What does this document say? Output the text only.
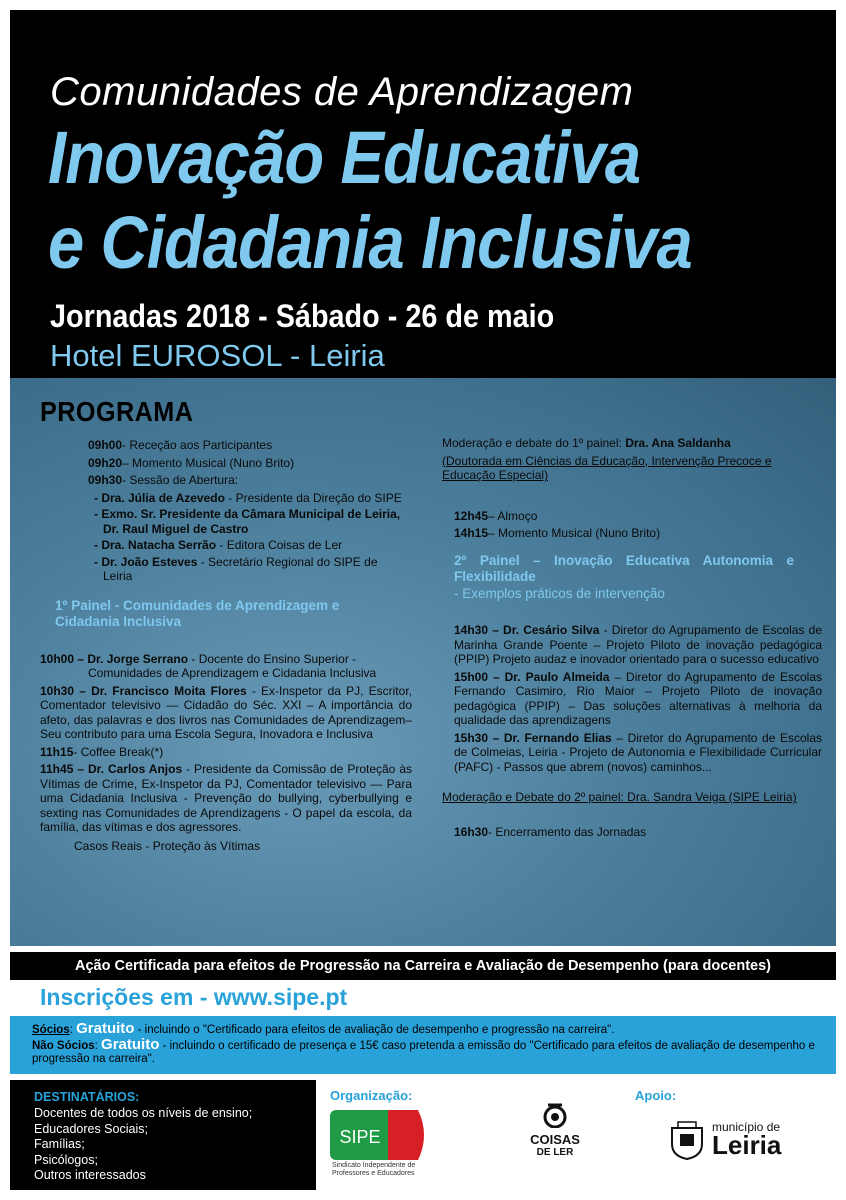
Comunidades de Aprendizagem
Inovação Educativa
e Cidadania Inclusiva
Jornadas 2018 - Sábado - 26 de maio
Hotel EUROSOL - Leiria
PROGRAMA
09h00 - Receção aos Participantes
09h20 – Momento Musical (Nuno Brito)
09h30 - Sessão de Abertura:
- Dra. Júlia de Azevedo - Presidente da Direção do SIPE
- Exmo. Sr. Presidente da Câmara Municipal de Leiria,
Dr. Raul Miguel de Castro
- Dra. Natacha Serrão - Editora Coisas de Ler
- Dr. João Esteves - Secretário Regional do SIPE de
Leiria
1º Painel - Comunidades de Aprendizagem e Cidadania Inclusiva
10h00 – Dr. Jorge Serrano - Docente do Ensino Superior -
Comunidades de Aprendizagem e Cidadania Inclusiva
10h30 – Dr. Francisco Moita Flores - Ex-Inspetor da PJ, Escritor, Comentador televisivo — Cidadão do Séc. XXI – A importância do afeto, das palavras e dos livros nas Comunidades de Aprendizagem– Seu contributo para uma Escola Segura, Inovadora e Inclusiva
11h15 - Coffee Break(*)
11h45 – Dr. Carlos Anjos - Presidente da Comissão de Proteção às Vítimas de Crime, Ex-Inspetor da PJ, Comentador televisivo — Para uma Cidadania Inclusiva - Prevenção do bullying, cyberbullying e sexting nas Comunidades de Aprendizagens - O papel da escola, da família, das vítimas e dos agressores.
Casos Reais - Proteção às Vítimas
Moderação e debate do 1º painel: Dra. Ana Saldanha
(Doutorada em Ciências da Educação, Intervenção Precoce e Educação Especial)
12h45 – Almoço
14h15 – Momento Musical (Nuno Brito)
2º Painel – Inovação Educativa Autonomia e Flexibilidade
- Exemplos práticos de intervenção
14h30 – Dr. Cesário Silva - Diretor do Agrupamento de Escolas de Marinha Grande Poente – Projeto Piloto de inovação pedagógica (PPIP) Projeto audaz e inovador orientado para o sucesso educativo
15h00 – Dr. Paulo Almeida – Diretor do Agrupamento de Escolas Fernando Casimiro, Rio Maior – Projeto Piloto de inovação pedagógica (PPIP) – Das soluções alternativas à melhoria da qualidade das aprendizagens
15h30 – Dr. Fernando Elias – Diretor do Agrupamento de Escolas de Colmeias, Leiria - Projeto de Autonomia e Flexibilidade Curricular (PAFC) - Passos que abrem (novos) caminhos...
Moderação e Debate do 2º painel: Dra. Sandra Veiga (SIPE Leiria)
16h30 - Encerramento das Jornadas
Ação Certificada para efeitos de Progressão na Carreira e Avaliação de Desempenho (para docentes)
Inscrições em - www.sipe.pt
Sócios: Gratuito - incluindo o "Certificado para efeitos de avaliação de desempenho e progressão na carreira".
Não Sócios: Gratuito - incluindo o certificado de presença e 15€ caso pretenda a emissão do "Certificado para efeitos de avaliação de desempenho e progressão na carreira".
DESTINATÁRIOS:
Docentes de todos os níveis de ensino;
Educadores Sociais;
Famílias;
Psicólogos;
Outros interessados
Organização:
SIPE
Sindicato Independente de Professores e Educadores
Apoio:
COISAS
DE LER
município de
Leiria
